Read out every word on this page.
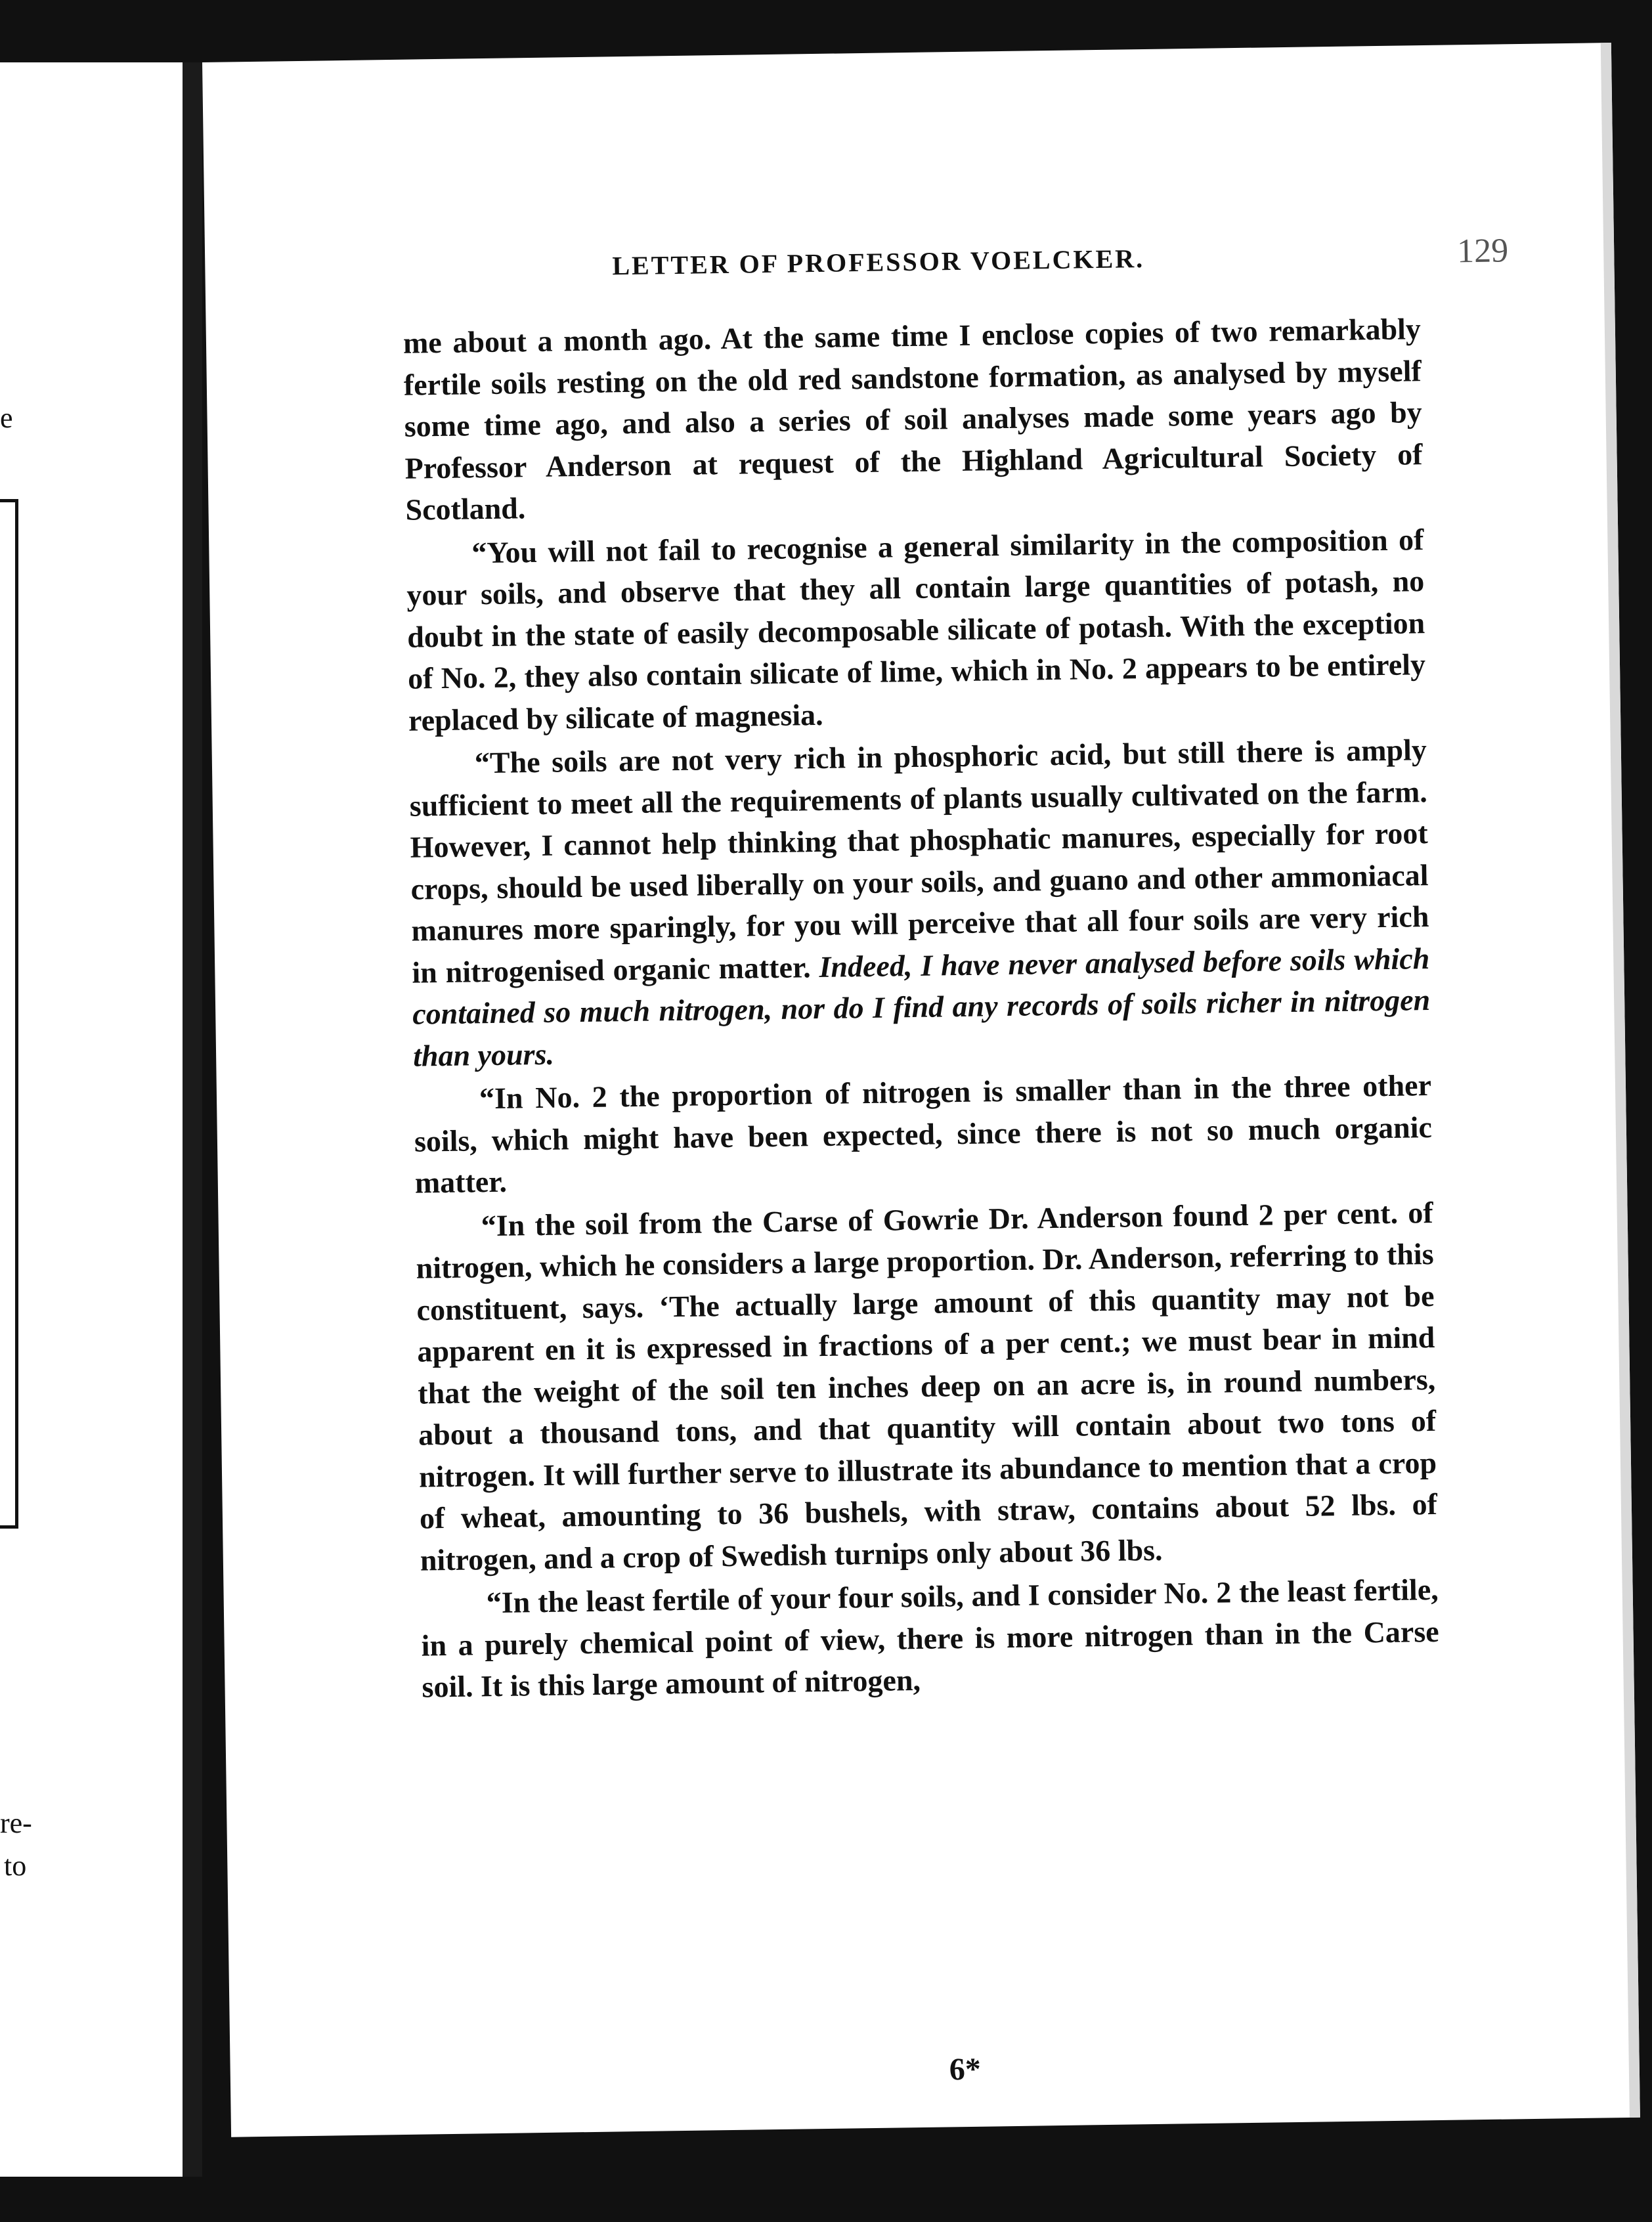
e
re-
to
LETTER OF PROFESSOR VOELCKER.	129

me about a month ago. At the same time I enclose copies of two remarkably fertile soils resting on the old red sandstone formation, as analysed by myself some time ago, and also a series of soil analyses made some years ago by Professor Anderson at request of the Highland Agricultural Society of Scotland.

“You will not fail to recognise a general similarity in the composition of your soils, and observe that they all contain large quantities of potash, no doubt in the state of easily decomposable silicate of potash. With the exception of No. 2, they also contain silicate of lime, which in No. 2 appears to be entirely replaced by silicate of magnesia.

“The soils are not very rich in phosphoric acid, but still there is amply sufficient to meet all the requirements of plants usually cultivated on the farm. However, I cannot help thinking that phosphatic manures, especially for root crops, should be used liberally on your soils, and guano and other ammoniacal manures more sparingly, for you will perceive that all four soils are very rich in nitrogenised organic matter. Indeed, I have never analysed before soils which contained so much nitrogen, nor do I find any records of soils richer in nitrogen than yours.

“In No. 2 the proportion of nitrogen is smaller than in the three other soils, which might have been expected, since there is not so much organic matter.

“In the soil from the Carse of Gowrie Dr. Anderson found 2 per cent. of nitrogen, which he considers a large proportion. Dr. Anderson, referring to this constituent, says. ‘The actually large amount of this quantity may not be apparent en it is expressed in fractions of a per cent.; we must bear in mind that the weight of the soil ten inches deep on an acre is, in round numbers, about a thousand tons, and that quantity will contain about two tons of nitrogen. It will further serve to illustrate its abundance to mention that a crop of wheat, amounting to 36 bushels, with straw, contains about 52 lbs. of nitrogen, and a crop of Swedish turnips only about 36 lbs.

“In the least fertile of your four soils, and I consider No. 2 the least fertile, in a purely chemical point of view, there is more nitrogen than in the Carse soil. It is this large amount of nitrogen,

6*
